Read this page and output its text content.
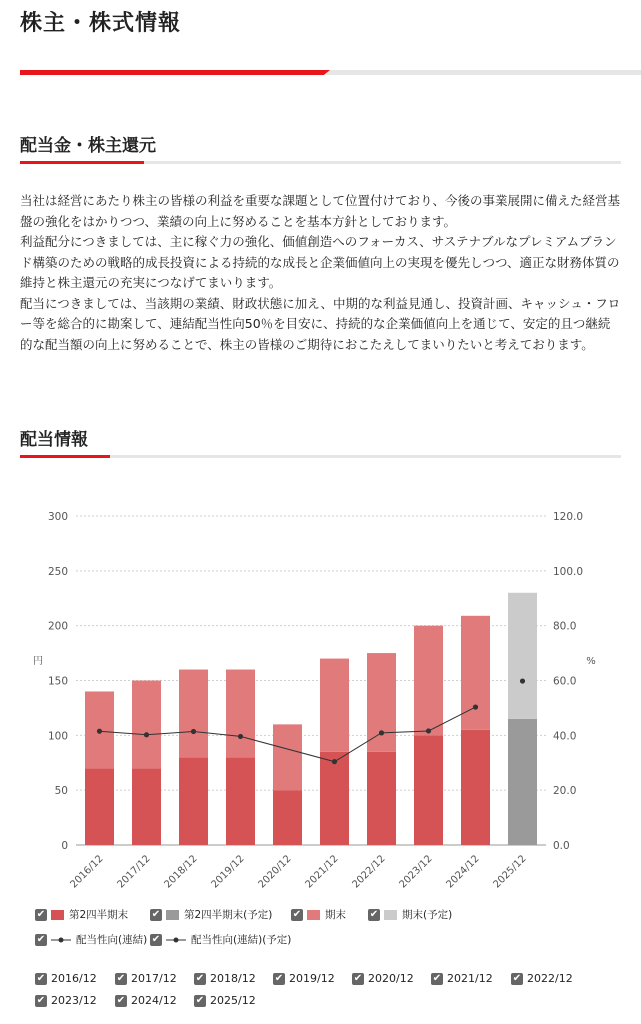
株主・株式情報
配当金・株主還元

当社は経営にあたり株主の皆様の利益を重要な課題として位置付けており、今後の事業展開に備えた経営基盤の強化をはかりつつ、業績の向上に努めることを基本方針としております。

利益配分につきましては、主に稼ぐ力の強化、価値創造へのフォーカス、サステナブルなプレミアムブランド構築のための戦略的成長投資による持続的な成長と企業価値向上の実現を優先しつつ、適正な財務体質の維持と株主還元の充実につなげてまいります。

配当につきましては、当該期の業績、財政状態に加え、中期的な利益見通し、投資計画、キャッシュ・フロー等を総合的に勘案して、連結配当性向50％を目安に、持続的な企業価値向上を通じて、安定的且つ継続的な配当額の向上に努めることで、株主の皆様のご期待におこたえしてまいりたいと考えております。

配当情報
0
50
100
150
200
250
300
0.0
20.0
40.0
60.0
80.0
100.0
120.0
円	%
2016/12 2017/12 2018/12 2019/12 2020/12 2021/12 2022/12 2023/12 2024/12 2025/12
✔ 第2四半期末 ✔ 第2四半期末(予定) ✔ 期末 ✔ 期末(予定)
✔	配当性向(連結) ✔	配当性向(連結)(予定)
✔ 2016/12 ✔ 2017/12 ✔ 2018/12 ✔ 2019/12 ✔ 2020/12 ✔ 2021/12 ✔ 2022/12
✔ 2023/12 ✔ 2024/12 ✔ 2025/12
